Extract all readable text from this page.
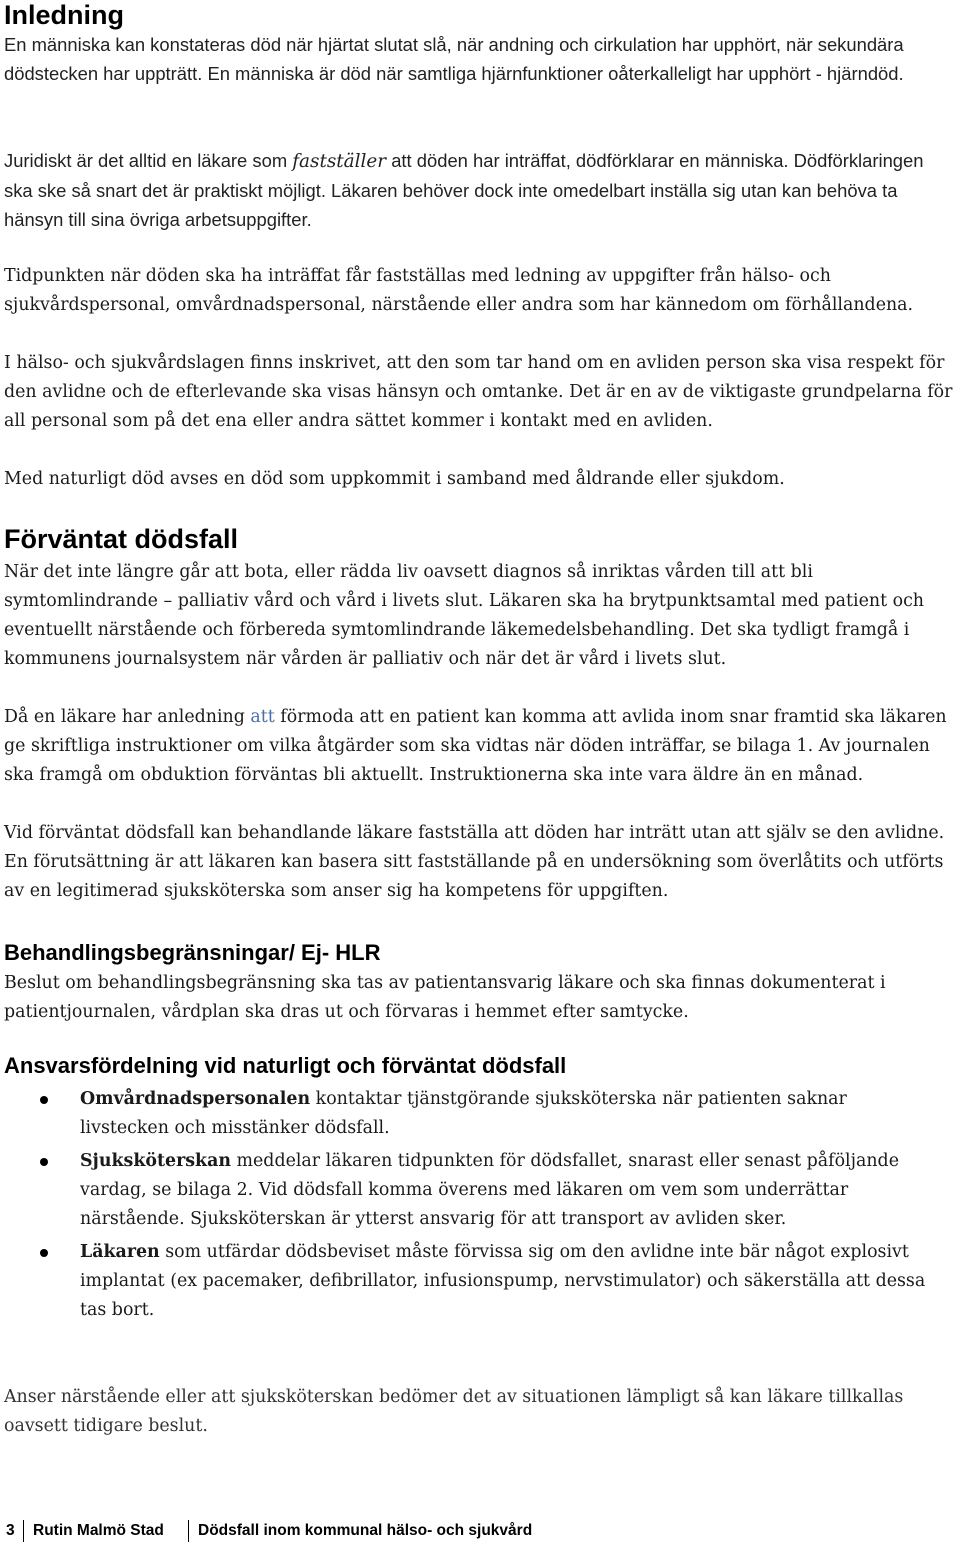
Inledning

En människa kan konstateras död när hjärtat slutat slå, när andning och cirkulation har upphört, när sekundära dödstecken har uppträtt. En människa är död när samtliga hjärnfunktioner oåterkalleligt har upphört - hjärndöd.

Juridiskt är det alltid en läkare som fastställer att döden har inträffat, dödförklarar en människa. Dödförklaringen ska ske så snart det är praktiskt möjligt. Läkaren behöver dock inte omedelbart inställa sig utan kan behöva ta hänsyn till sina övriga arbetsuppgifter.

Tidpunkten när döden ska ha inträffat får fastställas med ledning av uppgifter från hälso- och sjukvårdspersonal, omvårdnadspersonal, närstående eller andra som har kännedom om förhållandena.

I hälso- och sjukvårdslagen finns inskrivet, att den som tar hand om en avliden person ska visa respekt för den avlidne och de efterlevande ska visas hänsyn och omtanke. Det är en av de viktigaste grundpelarna för all personal som på det ena eller andra sättet kommer i kontakt med en avliden.

Med naturligt död avses en död som uppkommit i samband med åldrande eller sjukdom.

Förväntat dödsfall

När det inte längre går att bota, eller rädda liv oavsett diagnos så inriktas vården till att bli symtomlindrande – palliativ vård och vård i livets slut. Läkaren ska ha brytpunktsamtal med patient och eventuellt närstående och förbereda symtomlindrande läkemedelsbehandling. Det ska tydligt framgå i kommunens journalsystem när vården är palliativ och när det är vård i livets slut.

Då en läkare har anledning att förmoda att en patient kan komma att avlida inom snar framtid ska läkaren ge skriftliga instruktioner om vilka åtgärder som ska vidtas när döden inträffar, se bilaga 1. Av journalen ska framgå om obduktion förväntas bli aktuellt. Instruktionerna ska inte vara äldre än en månad.

Vid förväntat dödsfall kan behandlande läkare fastställa att döden har inträtt utan att själv se den avlidne. En förutsättning är att läkaren kan basera sitt fastställande på en undersökning som överlåtits och utförts av en legitimerad sjuksköterska som anser sig ha kompetens för uppgiften.

Behandlingsbegränsningar/ Ej- HLR

Beslut om behandlingsbegränsning ska tas av patientansvarig läkare och ska finnas dokumenterat i patientjournalen, vårdplan ska dras ut och förvaras i hemmet efter samtycke.

Ansvarsfördelning vid naturligt och förväntat dödsfall
Omvårdnadspersonalen kontaktar tjänstgörande sjuksköterska när patienten saknar livstecken och misstänker dödsfall.
Sjuksköterskan meddelar läkaren tidpunkten för dödsfallet, snarast eller senast påföljande vardag, se bilaga 2. Vid dödsfall komma överens med läkaren om vem som underrättar närstående. Sjuksköterskan är ytterst ansvarig för att transport av avliden sker.
Läkaren som utfärdar dödsbeviset måste förvissa sig om den avlidne inte bär något explosivt implantat (ex pacemaker, defibrillator, infusionspump, nervstimulator) och säkerställa att dessa tas bort.

Anser närstående eller att sjuksköterskan bedömer det av situationen lämpligt så kan läkare tillkallas oavsett tidigare beslut.

3 Rutin Malmö Stad Dödsfall inom kommunal hälso- och sjukvård
